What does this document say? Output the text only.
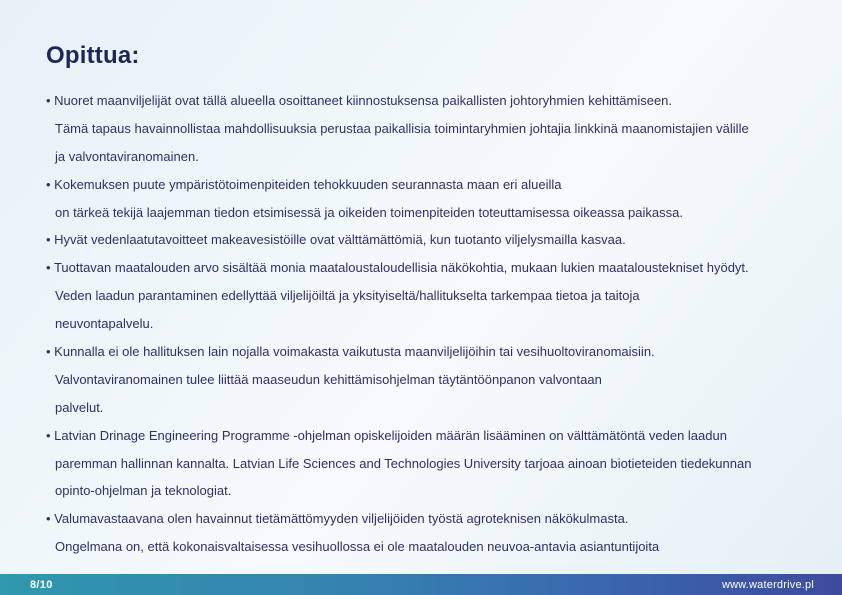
Opittua:
• Nuoret maanviljelijät ovat tällä alueella osoittaneet kiinnostuksensa paikallisten johtoryhmien kehittämiseen.
Tämä tapaus havainnollistaa mahdollisuuksia perustaa paikallisia toimintaryhmien johtajia linkkinä maanomistajien välille
ja valvontaviranomainen.
• Kokemuksen puute ympäristötoimenpiteiden tehokkuuden seurannasta maan eri alueilla
on tärkeä tekijä laajemman tiedon etsimisessä ja oikeiden toimenpiteiden toteuttamisessa oikeassa paikassa.
• Hyvät vedenlaatutavoitteet makeavesistöille ovat välttämättömiä, kun tuotanto viljelysmailla kasvaa.
• Tuottavan maatalouden arvo sisältää monia maataloustaloudellisia näkökohtia, mukaan lukien maataloustekniset hyödyt.
Veden laadun parantaminen edellyttää viljelijöiltä ja yksityiseltä/hallitukselta tarkempaa tietoa ja taitoja
neuvontapalvelu.
• Kunnalla ei ole hallituksen lain nojalla voimakasta vaikutusta maanviljelijöihin tai vesihuoltoviranomaisiin.
Valvontaviranomainen tulee liittää maaseudun kehittämisohjelman täytäntöönpanon valvontaan
palvelut.
• Latvian Drinage Engineering Programme -ohjelman opiskelijoiden määrän lisääminen on välttämätöntä veden laadun
paremman hallinnan kannalta. Latvian Life Sciences and Technologies University tarjoaa ainoan biotieteiden tiedekunnan
opinto-ohjelman ja teknologiat.
• Valumavastaavana olen havainnut tietämättömyyden viljelijöiden työstä agroteknisen näkökulmasta.
Ongelmana on, että kokonaisvaltaisessa vesihuollossa ei ole maatalouden neuvoa-antavia asiantuntijoita
8/10	www.waterdrive.pl
